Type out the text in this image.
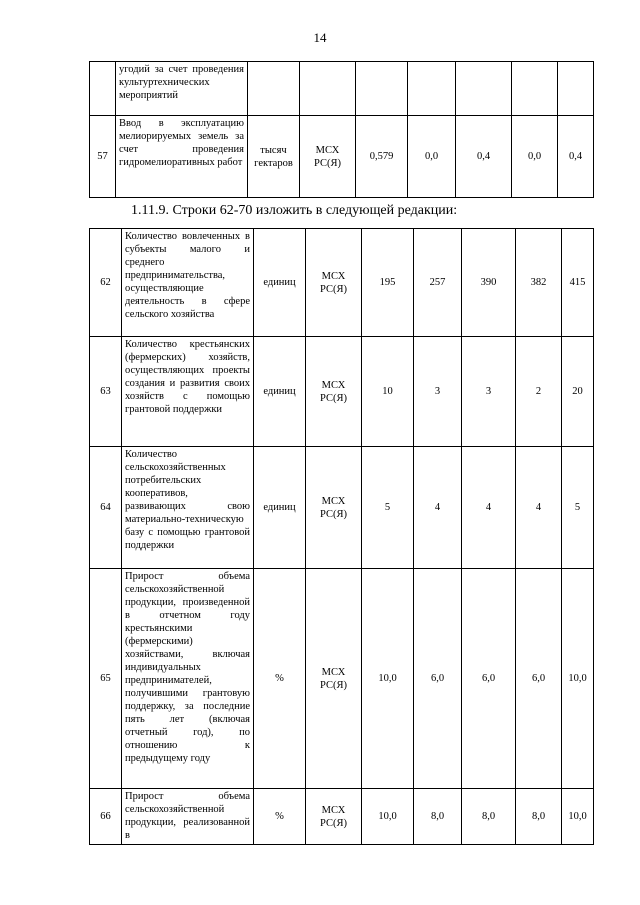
14
	угодий за счет проведения культуртехнических мероприятий							
57	Ввод в эксплуатацию мелиорируемых земель за счет проведения гидромелиоративных работ	тысяч гектаров	МСХ РС(Я)	0,579	0,0	0,4	0,0	0,4
1.11.9. Строки 62-70 изложить в следующей редакции:
62	Количество вовлеченных в субъекты малого и среднего предпринимательства, осуществляющие деятельность в сфере сельского хозяйства	единиц	МСХ РС(Я)	195	257	390	382	415
63	Количество крестьянских (фермерских) хозяйств, осуществляющих проекты создания и развития своих хозяйств с помощью грантовой поддержки	единиц	МСХ РС(Я)	10	3	3	2	20
64	Количество сельскохозяйственных потребительских кооперативов, развивающих свою материально-техническую базу с помощью грантовой поддержки	единиц	МСХ РС(Я)	5	4	4	4	5
65	Прирост объема сельскохозяйственной продукции, произведенной в отчетном году крестьянскими (фермерскими) хозяйствами, включая индивидуальных предпринимателей, получившими грантовую поддержку, за последние пять лет (включая отчетный год), по отношению к предыдущему году	%	МСХ РС(Я)	10,0	6,0	6,0	6,0	10,0
66	Прирост объема сельскохозяйственной продукции, реализованной в	%	МСХ РС(Я)	10,0	8,0	8,0	8,0	10,0
